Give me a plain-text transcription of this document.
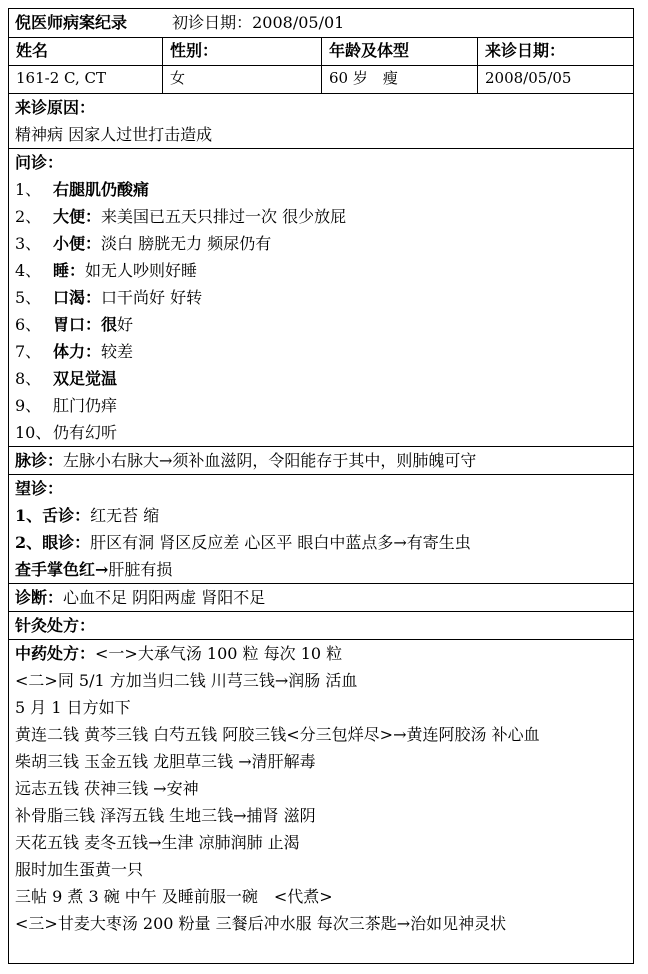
倪医师病案纪录	初诊日期：2008/05/01
姓名	性别：	年龄及体型	来诊日期：
161-2 C, CT	女	60 岁　瘦	2008/05/05
来诊原因：
精神病 因家人过世打击造成
问诊：
1、 右腿肌仍酸痛
2、 大便：来美国已五天只排过一次 很少放屁
3、 小便：淡白 膀胱无力 频尿仍有
4、 睡：如无人吵则好睡
5、 口渴：口干尚好 好转
6、 胃口：很好
7、 体力：较差
8、 双足觉温
9、 肛门仍痒
10、 仍有幻听
脉诊：左脉小右脉大→须补血滋阴，令阳能存于其中，则肺魄可守
望诊：
1、舌诊：红无苔 缩
2、眼诊：肝区有洞 肾区反应差 心区平 眼白中蓝点多→有寄生虫
查手掌色红→肝脏有损
诊断：心血不足 阴阳两虚 肾阳不足
针灸处方：
中药处方：<一>大承气汤 100 粒 每次 10 粒
<二>同 5/1 方加当归二钱 川芎三钱→润肠 活血
5 月 1 日方如下
黄连二钱 黄芩三钱 白芍五钱 阿胶三钱<分三包烊尽>→黄连阿胶汤 补心血
柴胡三钱 玉金五钱 龙胆草三钱 →清肝解毒
远志五钱 茯神三钱 →安神
补骨脂三钱 泽泻五钱 生地三钱→捕肾 滋阴
天花五钱 麦冬五钱→生津 凉肺润肺 止渴
服时加生蛋黄一只
三帖 9 煮 3 碗 中午 及睡前服一碗　<代煮>
<三>甘麦大枣汤 200 粉量 三餐后冲水服 每次三茶匙→治如见神灵状
